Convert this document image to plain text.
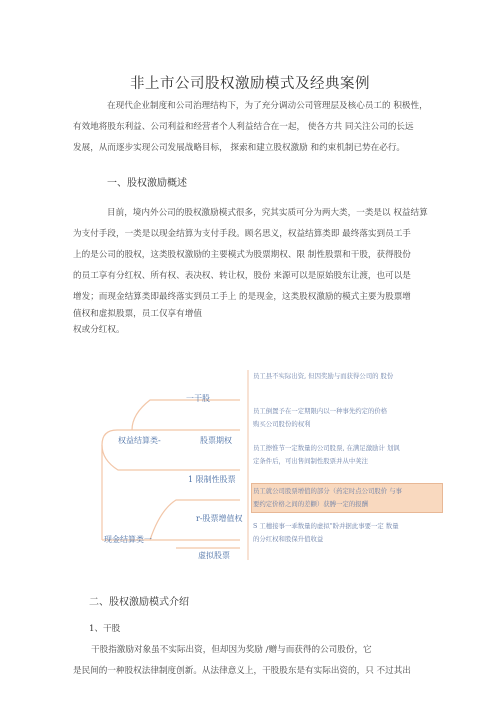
非上市公司股权激励模式及经典案例
在现代企业制度和公司治理结构下，为了充分调动公司管理层及核心员工的 积极性，
有效地将股东利益、公司利益和经营者个人利益结合在一起， 使各方共 同关注公司的长远
发展，从而逐步实现公司发展战略目标， 探索和建立股权激励 和约束机制已势在必行。
一、股权激励概述
目前，境内外公司的股权激励模式很多，究其实质可分为两大类，一类是以 权益结算
为支付手段，一类是以现金结算为支付手段。顾名思义，权益结算类即 最终落实到员工手
上的是公司的股权，这类股权激励的主要模式为股票期权、限 制性股票和干股，获得股份
的员工享有分红权、所有权、表决权、转让权，股份 来源可以是原始股东让渡，也可以是
增发；而现金结算类即最终落实到员工手上 的是现金，这类股权激励的模式主要为股票增
值权和虚拟股票，员工仅享有增值
权或分红权。
一干股
权益结算类-	股票期权
1 限制性股票
r-股票增值权
现金结算类一
虚拟股票
员工县不实际出资, 但因奖励与而获得公司的 股份
员工倒置予在一定期限内以一种事先约定的价格
购买公司股份的权利
员工擦惟节一定数量的公司股票, 在满足激励计 划讽
定条件后，可出售间制性股票并从中荚注
员工就公司股票增值的部分（药定时点公司股价 与事
要约定价格之间的差颧）获膊一定的报酬
S 工穗接事一乖数量的虚拟"盼并据此事要一定 数量
的分红权和股保升值收益
二、股权激励模式介绍
1、干股
干股指激励对象虽不实际出资，但却因为奖励 /赠与而获得的公司股份，它
是民间的一种股权法律制度创新。从法律意义上，干股股东是有实际出资的，只 不过其出
